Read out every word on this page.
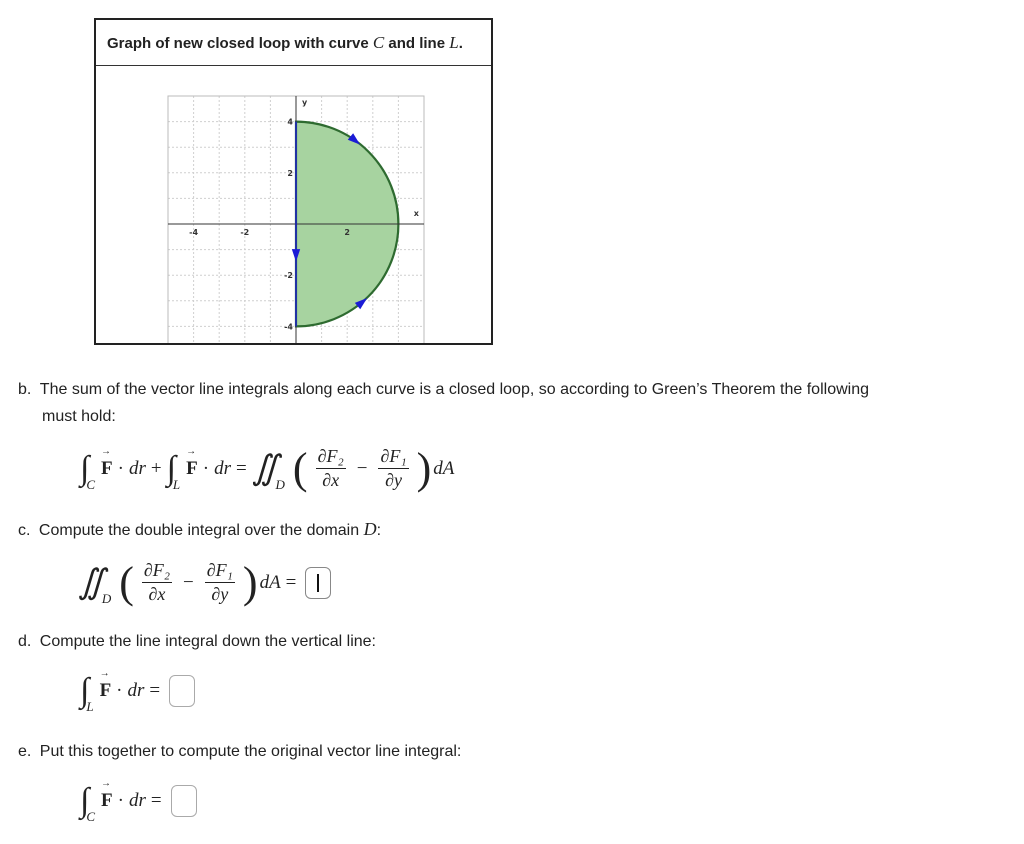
Graph of new closed loop with curve C and line L.
x
y
-4	-2	2
4
2
-2
-4
b. The sum of the vector line integrals along each curve is a closed loop, so according to Green’s Theorem the following
must hold:
∫
C
→ F · dr + ∫
L
→ F · dr = ∬
D ( $\frac{\text{∂F₂}}{\partial x} - \frac{\text{∂F₁}}{\partial y}$ ) dA
c. Compute the double integral over the domain D:
∬
D ( $\frac{\text{∂F₂}}{\partial x} - \frac{\text{∂F₁}}{\partial y}$ ) dA =
d. Compute the line integral down the vertical line:
∫
L
→ F · dr =
e. Put this together to compute the original vector line integral:
∫
C
→ F · dr =
